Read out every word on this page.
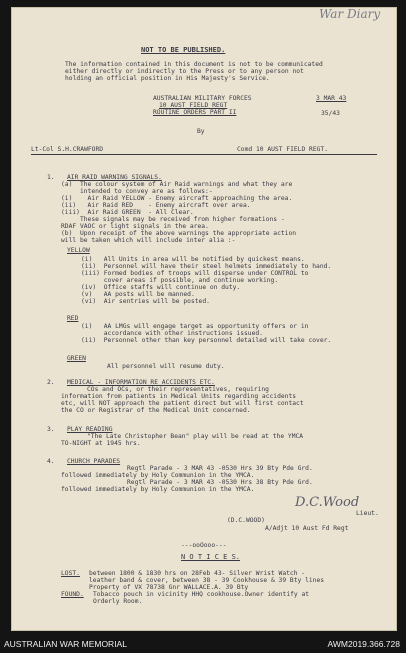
War Diary
NOT TO BE PUBLISHED.
The information contained in this document is not to be communicated
either directly or indirectly to the Press or to any person not
holding an official position in His Majesty's Service.
AUSTRALIAN MILITARY FORCES
10 AUST FIELD REGT
ROUTINE ORDERS PART II
3 MAR 43
35/43
By
Lt-Col S.H.CRAWFORD	Comd 10 AUST FIELD REGT.
1. AIR RAID WARNING SIGNALS.
(a)  The colour system of Air Raid warnings and what they are
intended to convey are as follows:-
(i)    Air Raid YELLOW - Enemy aircraft approaching the area.
(ii)   Air Raid RED    - Enemy aircraft over area.
(iii)  Air Raid GREEN  - All Clear.
These signals may be received from higher formations -
RDAF VAOC or light signals in the area.
(b)  Upon receipt of the above warnings the appropriate action
will be taken which will include inter alia :-
YELLOW
(i)   All Units in area will be notified by quickest means.
(ii)  Personnel will have their steel helmets immediately to hand.
(iii) Formed bodies of troops will disperse under CONTROL to
cover areas if possible, and continue working.
(iv)  Office staffs will continue on duty.
(v)   AA posts will be manned.
(vi)  Air sentries will be posted.
RED
(i)   AA LMGs will engage target as opportunity offers or in
accordance with other instructions issued.
(ii)  Personnel other than key personnel detailed will take cover.
GREEN
All personnel will resume duty.
2. MEDICAL - INFORMATION RE ACCIDENTS ETC.
COs and OCs, or their representatives, requiring
information from patients in Medical Units regarding accidents
etc, will NOT approach the patient direct but will first contact
the CO or Registrar of the Medical Unit concerned.
3. PLAY READING
"The Late Christopher Bean" play will be read at the YMCA
TO-NIGHT at 1945 hrs.
4. CHURCH PARADES
Regtl Parade - 3 MAR 43 -0530 Hrs 39 Bty Pde Grd.
followed immediately by Holy Communion in the YMCA.
Regtl Parade - 3 MAR 43 -0530 Hrs 38 Bty Pde Grd.
followed immediately by Holy Communion in the YMCA.
D.C.Wood
(D.C.WOOD)
Lieut.
A/Adjt 10 Aust Fd Regt
---ooOooo---
N O T I C E S.
LOST. between 1800 & 1830 hrs on 28Feb 43- Silver Wrist Watch -
leather band & cover, between 38 - 39 Cookhouse & 39 Bty lines
Property of VX 78738 Gnr WALLACE.A. 39 Bty
FOUND. Tobacco pouch in vicinity HHQ cookhouse.Owner identify at
Orderly Room.
AUSTRALIAN WAR MEMORIAL	AWM2019.366.728
